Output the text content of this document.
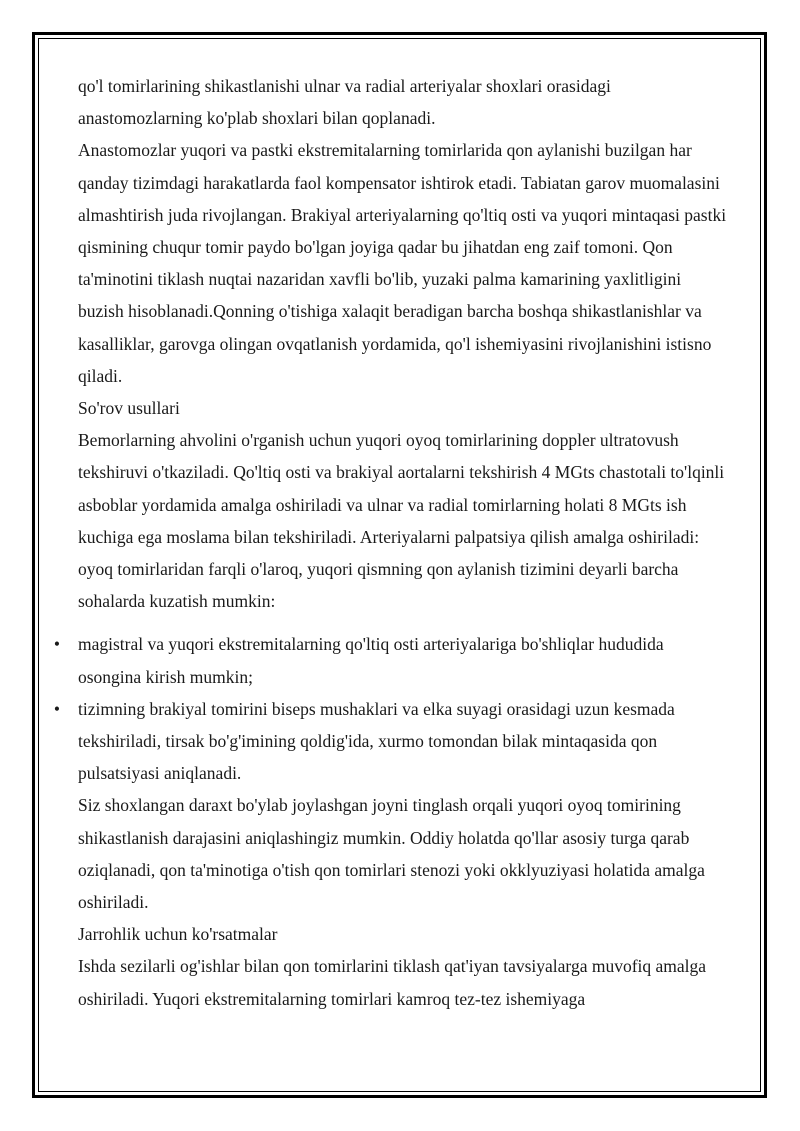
qo'l tomirlarining shikastlanishi ulnar va radial arteriyalar shoxlari orasidagi anastomozlarning ko'plab shoxlari bilan qoplanadi.

Anastomozlar yuqori va pastki ekstremitalarning tomirlarida qon aylanishi buzilgan har qanday tizimdagi harakatlarda faol kompensator ishtirok etadi. Tabiatan garov muomalasini almashtirish juda rivojlangan. Brakiyal arteriyalarning qo'ltiq osti va yuqori mintaqasi pastki qismining chuqur tomir paydo bo'lgan joyiga qadar bu jihatdan eng zaif tomoni. Qon ta'minotini tiklash nuqtai nazaridan xavfli bo'lib, yuzaki palma kamarining yaxlitligini buzish hisoblanadi.Qonning o'tishiga xalaqit beradigan barcha boshqa shikastlanishlar va kasalliklar, garovga olingan ovqatlanish yordamida, qo'l ishemiyasini rivojlanishini istisno qiladi.

So'rov usullari

Bemorlarning ahvolini o'rganish uchun yuqori oyoq tomirlarining doppler ultratovush tekshiruvi o'tkaziladi. Qo'ltiq osti va brakiyal aortalarni tekshirish 4 MGts chastotali to'lqinli asboblar yordamida amalga oshiriladi va ulnar va radial tomirlarning holati 8 MGts ish kuchiga ega moslama bilan tekshiriladi. Arteriyalarni palpatsiya qilish amalga oshiriladi: oyoq tomirlaridan farqli o'laroq, yuqori qismning qon aylanish tizimini deyarli barcha sohalarda kuzatish mumkin:

• magistral va yuqori ekstremitalarning qo'ltiq osti arteriyalariga bo'shliqlar hududida osongina kirish mumkin;
• tizimning brakiyal tomirini biseps mushaklari va elka suyagi orasidagi uzun kesmada tekshiriladi, tirsak bo'g'imining qoldig'ida, xurmo tomondan bilak mintaqasida qon pulsatsiyasi aniqlanadi.

Siz shoxlangan daraxt bo'ylab joylashgan joyni tinglash orqali yuqori oyoq tomirining shikastlanish darajasini aniqlashingiz mumkin. Oddiy holatda qo'llar asosiy turga qarab oziqlanadi, qon ta'minotiga o'tish qon tomirlari stenozi yoki okklyuziyasi holatida amalga oshiriladi.

Jarrohlik uchun ko'rsatmalar

Ishda sezilarli og'ishlar bilan qon tomirlarini tiklash qat'iyan tavsiyalarga muvofiq amalga oshiriladi. Yuqori ekstremitalarning tomirlari kamroq tez-tez ishemiyaga
